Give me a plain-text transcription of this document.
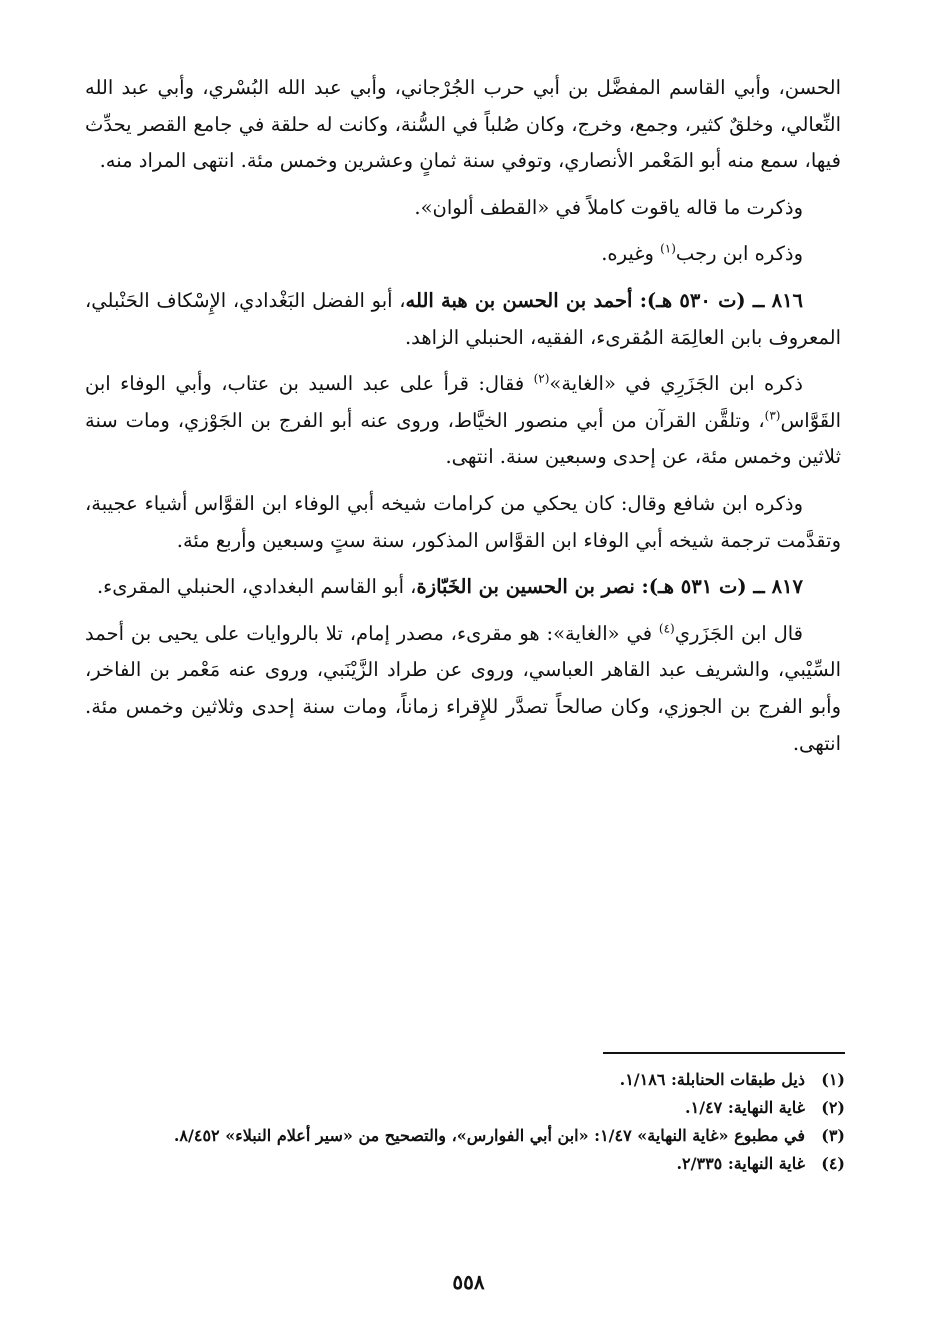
الحسن، وأبي القاسم المفضَّل بن أبي حرب الجُرْجاني، وأبي عبد الله البُسْري، وأبي عبد الله النِّعالي، وخلقٌ كثير، وجمع، وخرج، وكان صُلباً في السُّنة، وكانت له حلقة في جامع القصر يحدِّث فيها، سمع منه أبو المَعْمر الأنصاري، وتوفي سنة ثمانٍ وعشرين وخمس مئة. انتهى المراد منه.

وذكرت ما قاله ياقوت كاملاً في «القطف ألوان».

وذكره ابن رجب$^{(١)}$ وغيره.

٨١٦ ــ (ت ٥٣٠ هـ): أحمد بن الحسن بن هبة الله، أبو الفضل البَغْدادي، الإِسْكاف الحَنْبلي، المعروف بابن العالِمَة المُقرىء، الفقيه، الحنبلي الزاهد.

ذكره ابن الجَزَرِي في «الغاية»$^{(٢)}$ فقال: قرأ على عبد السيد بن عتاب، وأبي الوفاء ابن القَوَّاس$^{(٣)}$، وتلقَّن القرآن من أبي منصور الخيَّاط، وروى عنه أبو الفرج بن الجَوْزي، ومات سنة ثلاثين وخمس مئة، عن إحدى وسبعين سنة. انتهى.

وذكره ابن شافع وقال: كان يحكي من كرامات شيخه أبي الوفاء ابن القوَّاس أشياء عجيبة، وتقدَّمت ترجمة شيخه أبي الوفاء ابن القوَّاس المذكور، سنة ستٍ وسبعين وأربع مئة.

٨١٧ ــ (ت ٥٣١ هـ): نصر بن الحسين بن الخَبّازة، أبو القاسم البغدادي، الحنبلي المقرىء.

قال ابن الجَزَري$^{(٤)}$ في «الغاية»: هو مقرىء، مصدر إمام، تلا بالروايات على يحيى بن أحمد السِّيْبي، والشريف عبد القاهر العباسي، وروى عن طراد الزَّيْنَبي، وروى عنه مَعْمر بن الفاخر، وأبو الفرج بن الجوزي، وكان صالحاً تصدَّر للإِقراء زماناً، ومات سنة إحدى وثلاثين وخمس مئة. انتهى.

(١)
ذيل طبقات الحنابلة: ١/١٨٦.
(٢)
غاية النهاية: ١/٤٧.
(٣)
في مطبوع «غاية النهاية» ١/٤٧: «ابن أبي الفوارس»، والتصحيح من «سير أعلام النبلاء» ٨/٤٥٢.
(٤)
غاية النهاية: ٢/٣٣٥.
٥٥٨
